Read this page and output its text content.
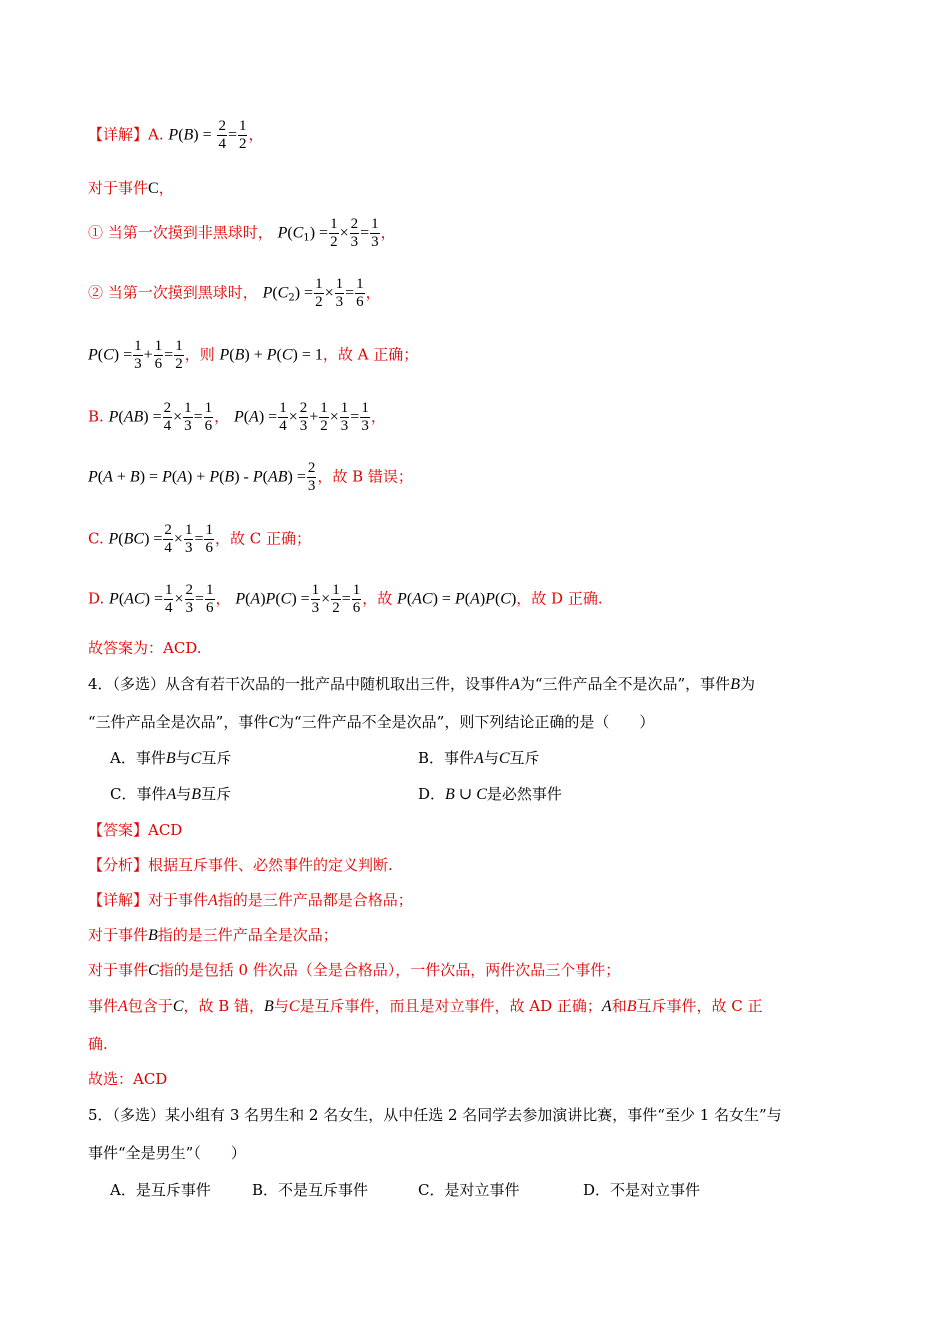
【详解】A. $P(B) = \frac{2}{4} = \frac{1}{2}$ ，
对于事件C，
① 当第一次摸到非黑球时， $P(C_1) = \frac{1}{2} \times \frac{2}{3} = \frac{1}{3}$ ，
② 当第一次摸到黑球时， $P(C_2) = \frac{1}{2} \times \frac{1}{3} = \frac{1}{6}$ ，
$P(C) = \frac{1}{3} + \frac{1}{6} = \frac{1}{2}$ ，则 P(B) + P(C) = 1，故 A 正确；
B. $P(AB) = \frac{2}{4} \times \frac{1}{3} = \frac{1}{6}$ ， $P(A) = \frac{1}{4} \times \frac{2}{3} + \frac{1}{2} \times \frac{1}{3} = \frac{1}{3}$ ，
$P(A + B) = P(A) + P(B) - P(AB) = \frac{2}{3}$ ，故 B 错误；
C. $P(BC) = \frac{2}{4} \times \frac{1}{3} = \frac{1}{6}$ ，故 C 正确；
D. $P(AC) = \frac{1}{4} \times \frac{2}{3} = \frac{1}{6}$ ， $P(A)P(C) = \frac{1}{3} \times \frac{1}{2} = \frac{1}{6}$ ，故 P(AC) = P(A)P(C)，故 D 正确.
故答案为：ACD.
4．（多选）从含有若干次品的一批产品中随机取出三件，设事件A为“三件产品全不是次品”，事件B为
“三件产品全是次品”，事件C为“三件产品不全是次品”，则下列结论正确的是（　　）
A．事件B与C互斥	B．事件A与C互斥
C．事件A与B互斥	D．B ∪ C是必然事件
【答案】ACD
【分析】根据互斥事件、必然事件的定义判断.
【详解】对于事件A指的是三件产品都是合格品；
对于事件B指的是三件产品全是次品；
对于事件C指的是包括 0 件次品（全是合格品），一件次品，两件次品三个事件；
事件A包含于C，故 B 错，B与C是互斥事件，而且是对立事件，故 AD 正确；A和B互斥事件，故 C 正
确.
故选：ACD
5．（多选）某小组有 3 名男生和 2 名女生，从中任选 2 名同学去参加演讲比赛，事件“至少 1 名女生”与
事件“全是男生”（　　）
A．是互斥事件	B．不是互斥事件	C．是对立事件	D．不是对立事件
